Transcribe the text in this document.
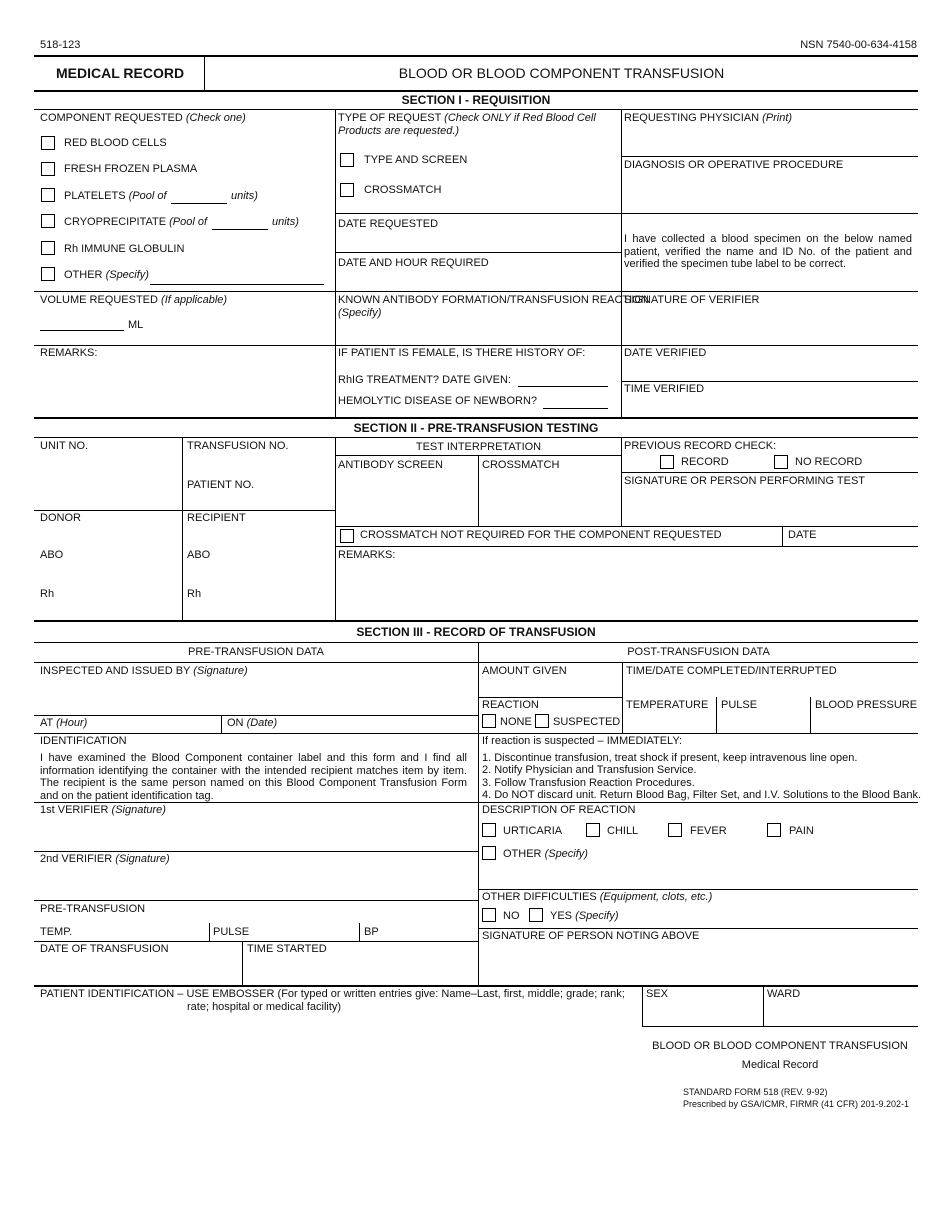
518-123	NSN 7540-00-634-4158
MEDICAL RECORD	BLOOD OR BLOOD COMPONENT TRANSFUSION
SECTION I - REQUISITION
COMPONENT REQUESTED (Check one)
RED BLOOD CELLS
FRESH FROZEN PLASMA
PLATELETS (Pool of	units)
CRYOPRECIPITATE (Pool of	units)
Rh IMMUNE GLOBULIN
OTHER (Specify)
TYPE OF REQUEST (Check ONLY if Red Blood Cell
Products are requested.)
TYPE AND SCREEN
CROSSMATCH
DATE REQUESTED
DATE AND HOUR REQUIRED
REQUESTING PHYSICIAN (Print)
DIAGNOSIS OR OPERATIVE PROCEDURE
I have collected a blood specimen on the below named patient, verified the name and ID No. of the patient and verified the specimen tube label to be correct.
VOLUME REQUESTED (If applicable)
ML
KNOWN ANTIBODY FORMATION/TRANSFUSION REACTION
(Specify)
SIGNATURE OF VERIFIER
REMARKS:	IF PATIENT IS FEMALE, IS THERE HISTORY OF:
RhIG TREATMENT? DATE GIVEN:
HEMOLYTIC DISEASE OF NEWBORN?
DATE VERIFIED
TIME VERIFIED
SECTION II - PRE-TRANSFUSION TESTING
UNIT NO.	TRANSFUSION NO.
PATIENT NO.
DONOR	RECIPIENT
ABO	ABO
Rh	Rh
TEST INTERPRETATION
ANTIBODY SCREEN	CROSSMATCH
PREVIOUS RECORD CHECK:
RECORD	NO RECORD
SIGNATURE OR PERSON PERFORMING TEST
CROSSMATCH NOT REQUIRED FOR THE COMPONENT REQUESTED	DATE
REMARKS:
SECTION III - RECORD OF TRANSFUSION
PRE-TRANSFUSION DATA	POST-TRANSFUSION DATA
INSPECTED AND ISSUED BY (Signature)
AT (Hour)	ON (Date)
IDENTIFICATION
I have examined the Blood Component container label and this form and I find all information identifying the container with the intended recipient matches item by item. The recipient is the same person named on this Blood Component Transfusion Form and on the patient identification tag.
1st VERIFIER (Signature)
2nd VERIFIER (Signature)
PRE-TRANSFUSION
TEMP.	PULSE	BP
DATE OF TRANSFUSION	TIME STARTED
AMOUNT GIVEN	TIME/DATE COMPLETED/INTERRUPTED
REACTION
NONE SUSPECTED
TEMPERATURE PULSE	BLOOD PRESSURE
If reaction is suspected – IMMEDIATELY:
1. Discontinue transfusion, treat shock if present, keep intravenous line open.
2. Notify Physician and Transfusion Service.
3. Follow Transfusion Reaction Procedures.
4. Do NOT discard unit. Return Blood Bag, Filter Set, and I.V. Solutions to the Blood Bank.
DESCRIPTION OF REACTION
URTICARIA	CHILL	FEVER	PAIN
OTHER (Specify)
OTHER DIFFICULTIES (Equipment, clots, etc.)
NO	YES (Specify)
SIGNATURE OF PERSON NOTING ABOVE
PATIENT IDENTIFICATION – USE EMBOSSER (For typed or written entries give: Name–Last, first, middle; grade; rank;
rate; hospital or medical facility)
SEX	WARD
BLOOD OR BLOOD COMPONENT TRANSFUSION
Medical Record
STANDARD FORM 518 (REV. 9-92)
Prescribed by GSA/ICMR, FIRMR (41 CFR) 201-9.202-1
